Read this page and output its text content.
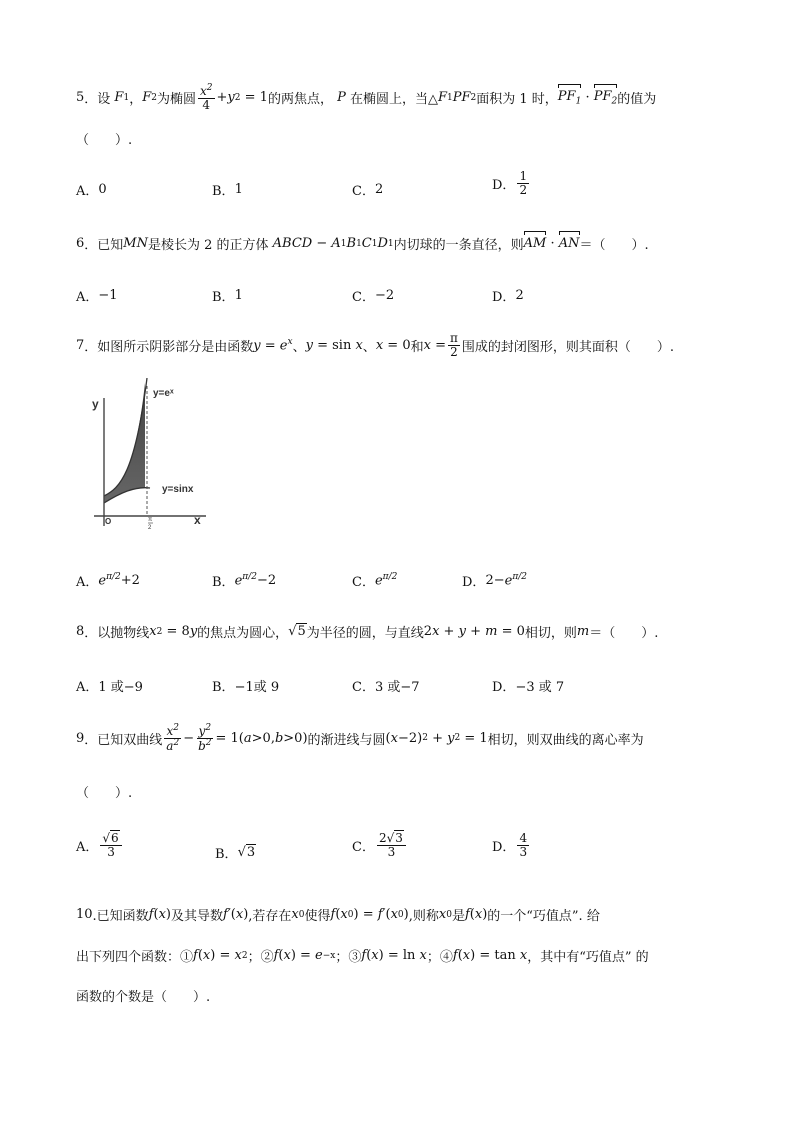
5 ．设 F 1 ， F 2 为椭圆 $\frac{x^2}{4} + y$ 2 = 1 的两焦点， P 在椭圆上，当△ F 1 PF 2 面积为 1 时， $PF_1 \cdot PF_2$ 的值为
（　　）.
A． 0	B． 1	C． 2	D． $\frac{1}{2}$
6 ．已知 MN 是棱长为 2 的正方体 ABCD − A 1 B 1 C 1 D 1 内切球的一条直径，则 AM · AN ＝（　　）.
A． −1	B． 1	C． −2	D． 2
7 ．如图所示阴影部分是由函数 $y = e^x$ 、 y = sin x 、 x = 0 和 $x = \frac{\pi}{2}$ 围成的封闭图形，则其面积（　　）.
y
x
O	π
2
y=eˣ
y=sinx
A． $e^{\pi/2} +2$	B． $e^{\pi/2} -2$	C． $e^{\pi/2}$	D． $2- e^{\pi/2}$
8 ．以抛物线 x 2 = 8 y 的焦点为圆心， √5 为半径的圆，与直线 2 x + y + m = 0 相切，则 m ＝（　　）.
A． 1 或−9	B． −1或 9	C． 3 或−7	D． −3 或 7
9 ．已知双曲线 $\frac{x^2}{a^2} - \frac{y^2}{b^2} = 1$( a >0, b >0) 的渐进线与圆 ( x −2) 2 + y 2 = 1 相切，则双曲线的离心率为
（　　）.
A． $\frac{√6}{3}$	B． √3	C． $\frac{2√3}{3}$	D． $\frac{4}{3}$
10 .已知函数 f ( x ) 及其导数 f′ ( x ) ,若存在 x 0 使得 f ( x 0 ) = f′ ( x 0 ) ,则称 x 0 是 f ( x ) 的一个“巧值点”. 给
出下列四个函数：① f ( x ) = x 2 ；② f ( x ) = e −x ；③ f ( x ) = ln x ；④ f ( x ) = tan x ，其中有“巧值点” 的
函数的个数是（　　）.
